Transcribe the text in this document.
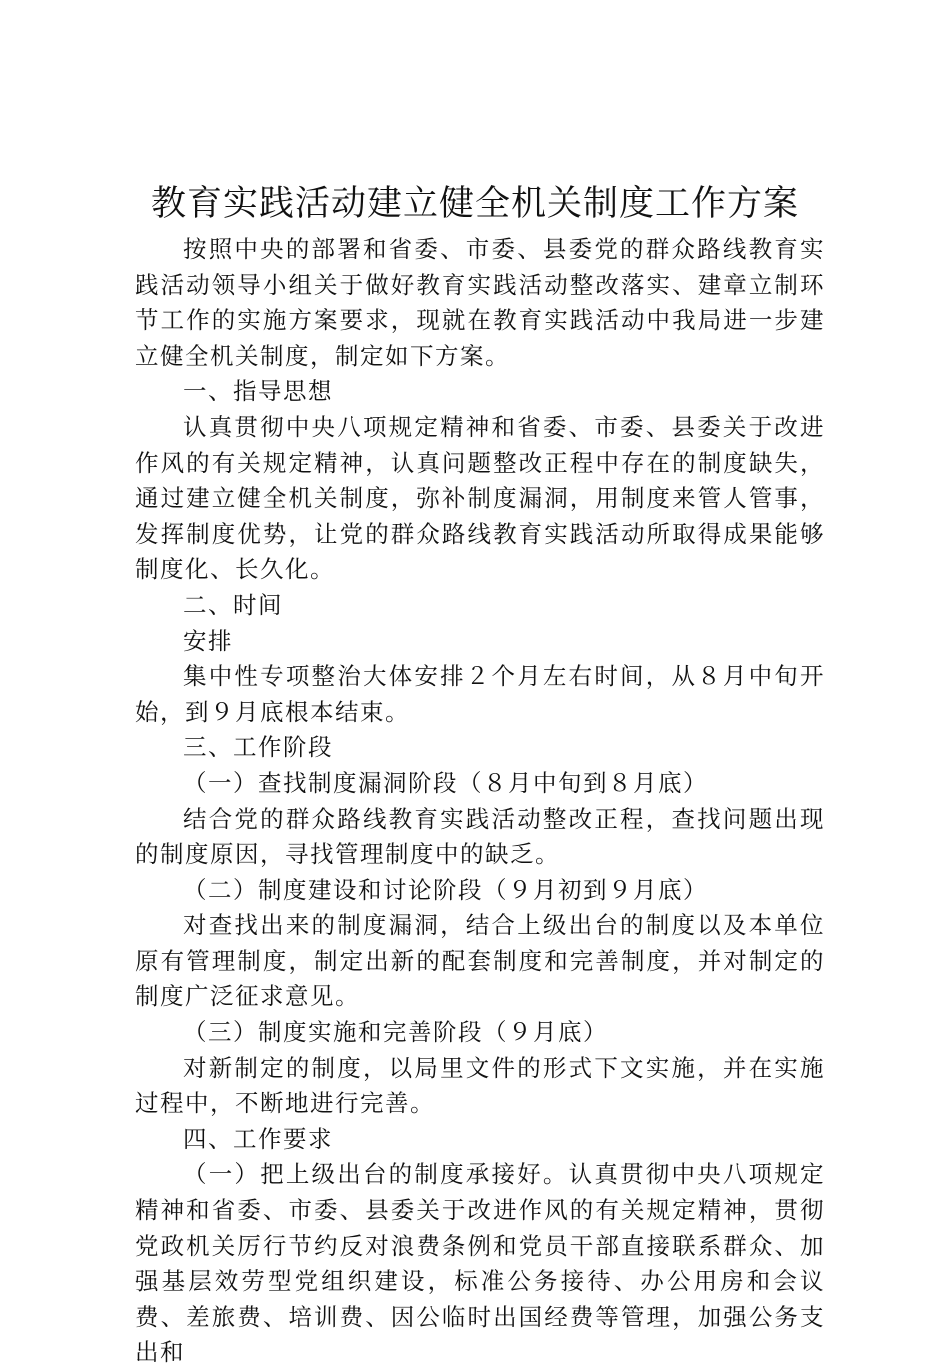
教育实践活动建立健全机关制度工作方案

按照中央的部署和省委、市委、县委党的群众路线教育实践活动领导小组关于做好教育实践活动整改落实、建章立制环节工作的实施方案要求，现就在教育实践活动中我局进一步建立健全机关制度，制定如下方案。

一、指导思想

认真贯彻中央八项规定精神和省委、市委、县委关于改进作风的有关规定精神，认真问题整改正程中存在的制度缺失，通过建立健全机关制度，弥补制度漏洞，用制度来管人管事，发挥制度优势，让党的群众路线教育实践活动所取得成果能够制度化、长久化。

二、时间

安排

集中性专项整治大体安排２个月左右时间，从８月中旬开始，到９月底根本结束。

三、工作阶段

（一）查找制度漏洞阶段（８月中旬到８月底）

结合党的群众路线教育实践活动整改正程，查找问题出现的制度原因，寻找管理制度中的缺乏。

（二）制度建设和讨论阶段（９月初到９月底）

对查找出来的制度漏洞，结合上级出台的制度以及本单位原有管理制度，制定出新的配套制度和完善制度，并对制定的制度广泛征求意见。

（三）制度实施和完善阶段（９月底）

对新制定的制度，以局里文件的形式下文实施，并在实施过程中，不断地进行完善。

四、工作要求

（一）把上级出台的制度承接好。认真贯彻中央八项规定精神和省委、市委、县委关于改进作风的有关规定精神，贯彻党政机关厉行节约反对浪费条例和党员干部直接联系群众、加强基层效劳型党组织建设，标准公务接待、办公用房和会议费、差旅费、培训费、因公临时出国经费等管理，加强公务支出和
